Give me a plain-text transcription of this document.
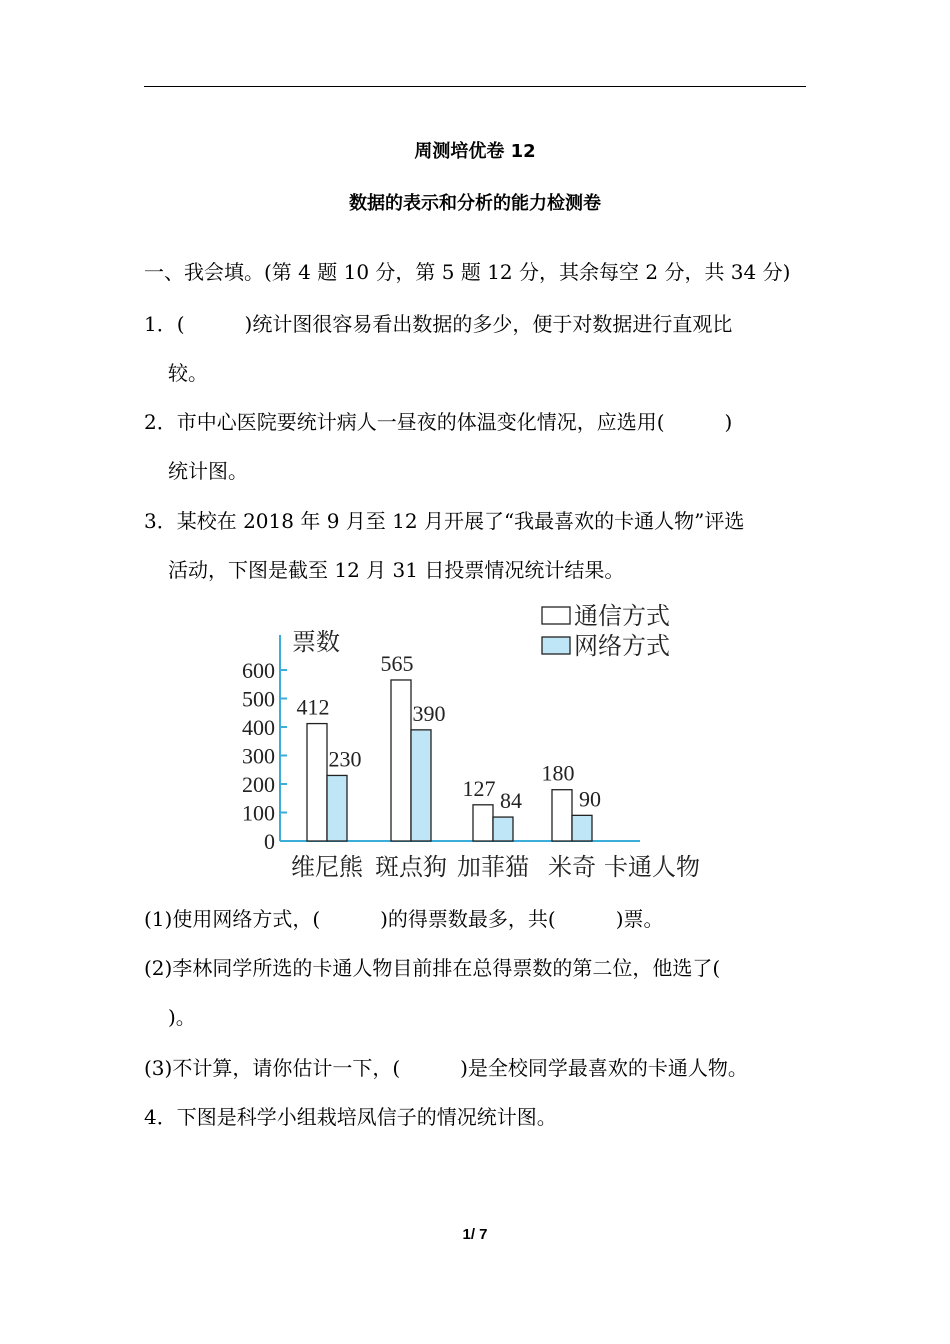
周测培优卷 12
数据的表示和分析的能力检测卷
一、我会填。(第 4 题 10 分，第 5 题 12 分，其余每空 2 分，共 34 分)
1．(　　　)统计图很容易看出数据的多少，便于对数据进行直观比
较。
2．市中心医院要统计病人一昼夜的体温变化情况，应选用(　　　)
统计图。
3．某校在 2018 年 9 月至 12 月开展了“我最喜欢的卡通人物”评选
活动，下图是截至 12 月 31 日投票情况统计结果。
0
100
200
300
400
500
600
票数
412
230
维尼熊
565
390
斑点狗
127 84
加菲猫
180
90
米奇 卡通人物
通信方式
网络方式
(1)使用网络方式，(　　　)的得票数最多，共(　　　)票。
(2)李林同学所选的卡通人物目前排在总得票数的第二位，他选了(
)。
(3)不计算，请你估计一下，(　　　)是全校同学最喜欢的卡通人物。
4．下图是科学小组栽培凤信子的情况统计图。
1/ 7
